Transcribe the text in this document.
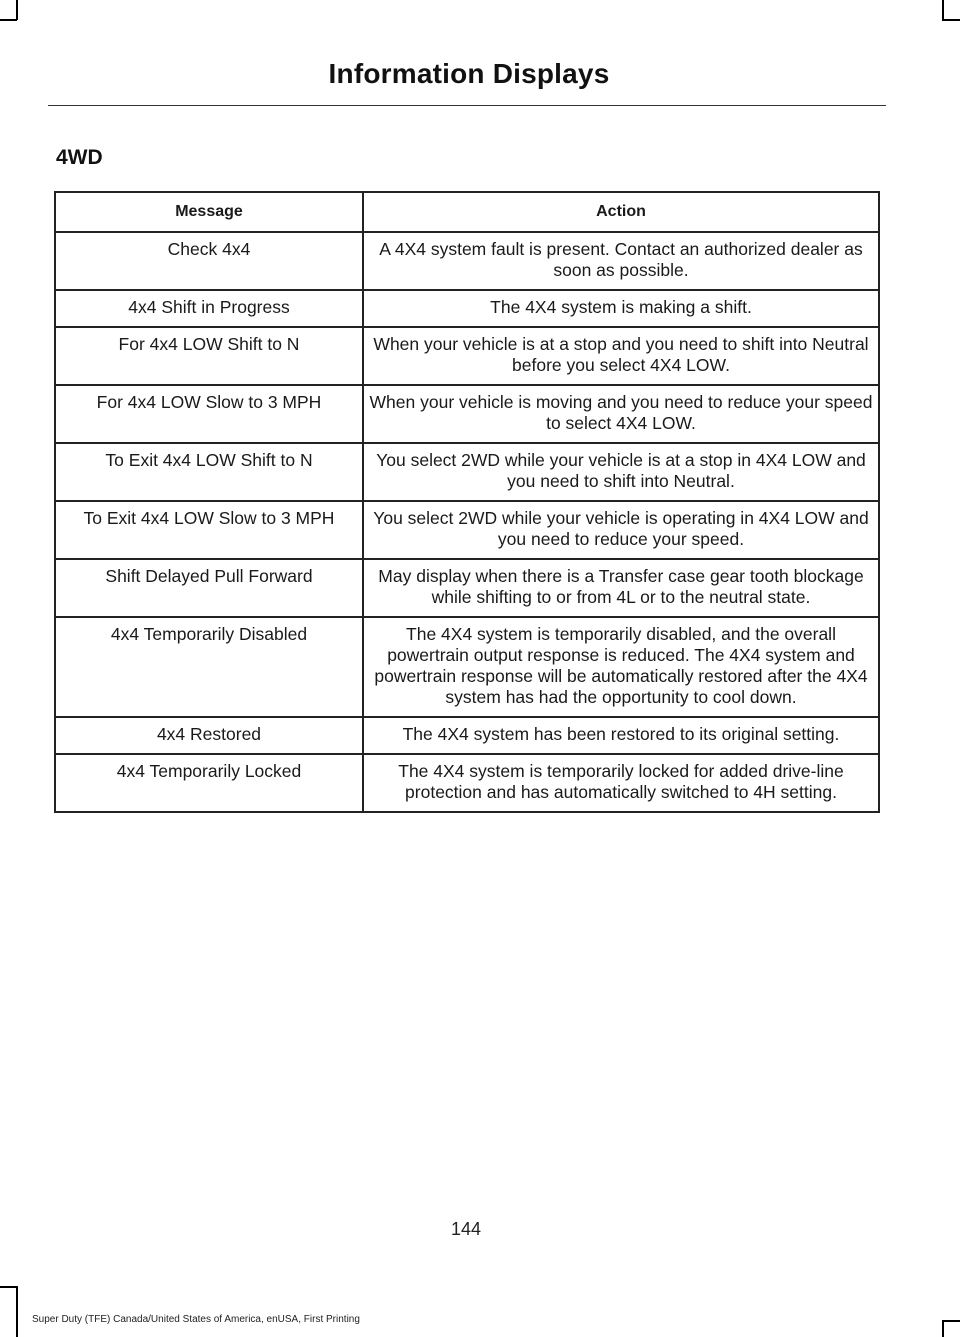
Information Displays
4WD
Message	Action
Check 4x4	A 4X4 system fault is present. Contact an authorized dealer as soon as possible.
4x4 Shift in Progress	The 4X4 system is making a shift.
For 4x4 LOW Shift to N	When your vehicle is at a stop and you need to shift into Neutral before you select 4X4 LOW.
For 4x4 LOW Slow to 3 MPH	When your vehicle is moving and you need to reduce your speed to select 4X4 LOW.
To Exit 4x4 LOW Shift to N	You select 2WD while your vehicle is at a stop in 4X4 LOW and you need to shift into Neutral.
To Exit 4x4 LOW Slow to 3 MPH	You select 2WD while your vehicle is operating in 4X4 LOW and you need to reduce your speed.
Shift Delayed Pull Forward	May display when there is a Transfer case gear tooth blockage while shifting to or from 4L or to the neutral state.
4x4 Temporarily Disabled	The 4X4 system is temporarily disabled, and the overall powertrain output response is reduced. The 4X4 system and powertrain response will be automatically restored after the 4X4 system has had the opportunity to cool down.
4x4 Restored	The 4X4 system has been restored to its original setting.
4x4 Temporarily Locked	The 4X4 system is temporarily locked for added drive-line protection and has automatically switched to 4H setting.
144
Super Duty (TFE) Canada/United States of America, enUSA, First Printing
